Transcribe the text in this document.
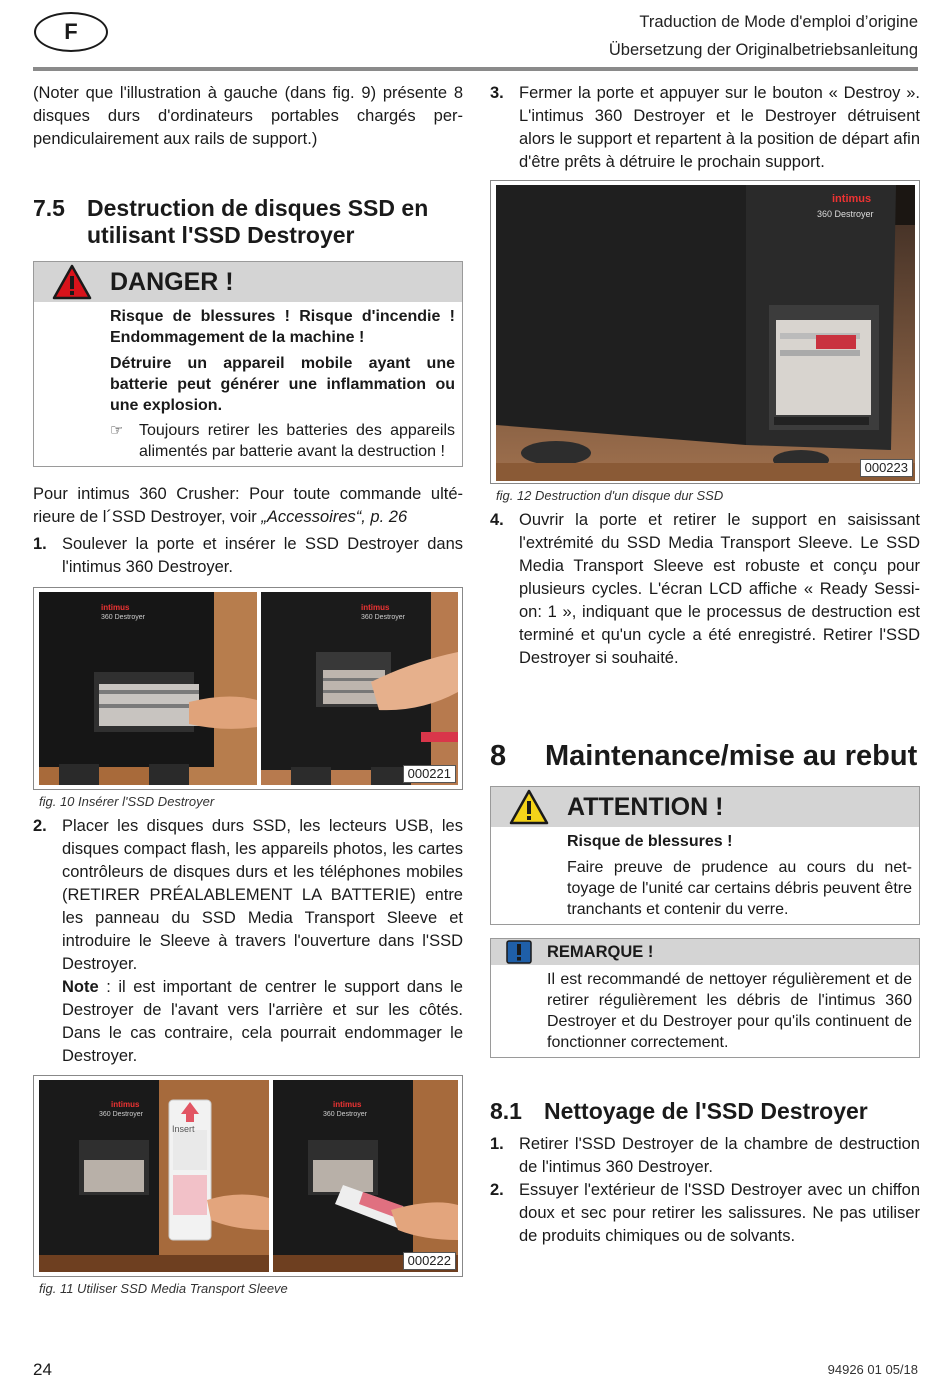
F	Traduction de Mode d'emploi d’origine
Übersetzung der Originalbetriebsanleitung

(Noter que l'illustration à gauche (dans fig. 9) présente 8 disques durs d'ordinateurs portables chargés perpendiculairement aux rails de support.)

7.5 Destruction de disques SSD en utilisant l'SSD Destroyer
DANGER !
Risque de blessures ! Risque d'incendie ! Endommagement de la machine !
Détruire un appareil mobile ayant une batterie peut générer une inflammation ou une explosion.
☞ Toujours retirer les batteries des appareils alimentés par batterie avant la destruction !

Pour intimus 360 Crusher: Pour toute commande ultérieure de l´SSD Destroyer, voir „Accessoires“, p. 26

1. Soulever la porte et insérer le SSD Destroyer dans l'intimus 360 Destroyer.
intimus
360 Destroyer
intimus
360 Destroyer
000221
fig. 10 Insérer l'SSD Destroyer
2. Placer les disques durs SSD, les lecteurs USB, les disques compact flash, les appareils photos, les cartes contrôleurs de disques durs et les téléphones mobiles (RETIRER PRÉALABLEMENT LA BATTERIE) entre les panneau du SSD Media Transport Sleeve et introduire le Sleeve à travers l'ouverture dans l'SSD Destroyer.
Note : il est important de centrer le support dans le Destroyer de l'avant vers l'arrière et sur les côtés. Dans le cas contraire, cela pourrait endommager le Destroyer.
intimus
360 Destroyer
Insert
intimus
360 Destroyer
000222
fig. 11 Utiliser SSD Media Transport Sleeve
3. Fermer la porte et appuyer sur le bouton « Destroy ». L'intimus 360 Destroyer et le Destroyer détruisent alors le support et repartent à la position de départ afin d'être prêts à détruire le prochain support.
intimus
360 Destroyer
000223
fig. 12 Destruction d'un disque dur SSD
4. Ouvrir la porte et retirer le support en saisissant l'extrémité du SSD Media Transport Sleeve. Le SSD Media Transport Sleeve est robuste et conçu pour plusieurs cycles. L'écran LCD affiche « Ready Session: 1 », indiquant que le processus de destruction est terminé et qu'un cycle a été enregistré. Retirer l'SSD Destroyer si souhaité.
8	Maintenance/mise au rebut
ATTENTION !
Risque de blessures !
Faire preuve de prudence au cours du nettoyage de l'unité car certains débris peuvent être tranchants et contenir du verre.
REMARQUE !
Il est recommandé de nettoyer régulièrement et de retirer régulièrement les débris de l'intimus 360 Destroyer et du Destroyer pour qu'ils continuent de fonctionner correctement.
8.1 Nettoyage de l'SSD Destroyer
1. Retirer l'SSD Destroyer de la chambre de destruction de l'intimus 360 Destroyer.
2. Essuyer l'extérieur de l'SSD Destroyer avec un chiffon doux et sec pour retirer les salissures. Ne pas utiliser de produits chimiques ou de solvants.
24	94926 01 05/18
